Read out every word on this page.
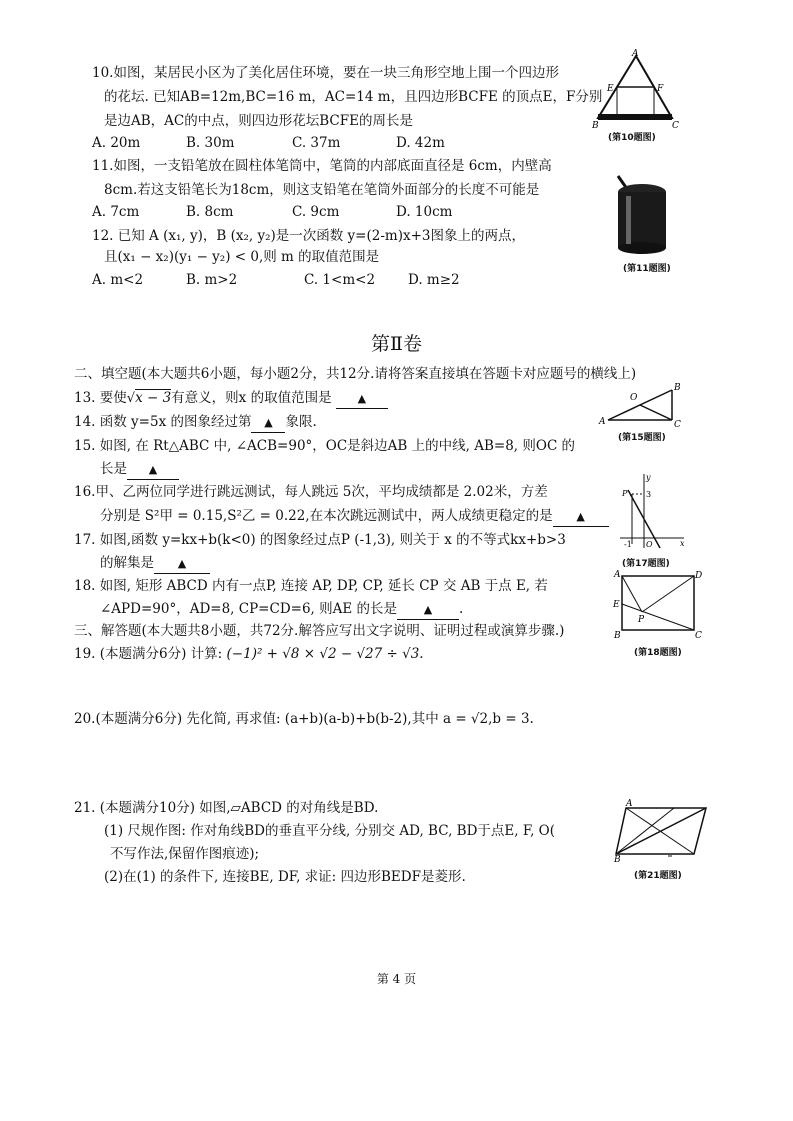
10.如图，某居民小区为了美化居住环境，要在一块三角形空地上围一个四边形
的花坛. 已知AB=12m,BC=16 m，AC=14 m，且四边形BCFE 的顶点E，F分别
是边AB，AC的中点，则四边形花坛BCFE的周长是
A. 20m	B. 30m	C. 37m	D. 42m
A
E	F
B	C
(第10题图)
11.如图，一支铅笔放在圆柱体笔筒中，笔筒的内部底面直径是 6cm，内壁高
8cm.若这支铅笔长为18cm，则这支铅笔在笔筒外面部分的长度不可能是
A. 7cm	B. 8cm	C. 9cm	D. 10cm
(第11题图)
12. 已知 A (x₁, y)，B (x₂, y₂)是一次函数 y=(2-m)x+3图象上的两点，
且(x₁ − x₂)(y₁ − y₂) < 0,则 m 的取值范围是
A. m<2	B. m>2	C. 1<m<2 D. m≥2
第Ⅱ卷
二、填空题(本大题共6小题，每小题2分，共12分.请将答案直接填在答题卡对应题号的横线上)
13. 要使√x − 3有意义，则x 的取值范围是 ▲
14. 函数 y=5x 的图象经过第 ▲ 象限.
O
B
A	C
(第15题图)
15. 如图, 在 Rt△ABC 中, ∠ACB=90°，OC是斜边AB 上的中线, AB=8, 则OC 的
长是 ▲
16.甲、乙两位同学进行跳远测试，每人跳远 5次，平均成绩都是 2.02米，方差
分别是 S²甲 = 0.15,S²乙 = 0.22,在本次跳远测试中，两人成绩更稳定的是 ▲
y
P 3
-1 O	x
(第17题图)
17. 如图,函数 y=kx+b(k<0) 的图象经过点P (-1,3), 则关于 x 的不等式kx+b>3
的解集是 ▲
18. 如图, 矩形 ABCD 内有一点P, 连接 AP, DP, CP, 延长 CP 交 AB 于点 E, 若
∠APD=90°，AD=8, CP=CD=6, 则AE 的长是 ▲ .
A	D
E
P
B	C
(第18题图)
三、解答题(本大题共8小题，共72分.解答应写出文字说明、证明过程或演算步骤.)
19. (本题满分6分) 计算: (−1)² + √8 × √2 − √27 ÷ √3.
20.(本题满分6分) 先化简, 再求值: (a+b)(a-b)+b(b-2),其中 a = √2,b = 3.
21. (本题满分10分) 如图,▱ABCD 的对角线是BD.
(1) 尺规作图: 作对角线BD的垂直平分线, 分别交 AD, BC, BD于点E, F, O(
不写作法,保留作图痕迹);
(2)在(1) 的条件下, 连接BE, DF, 求证: 四边形BEDF是菱形.
A
B
(第21题图)
第 4 页
